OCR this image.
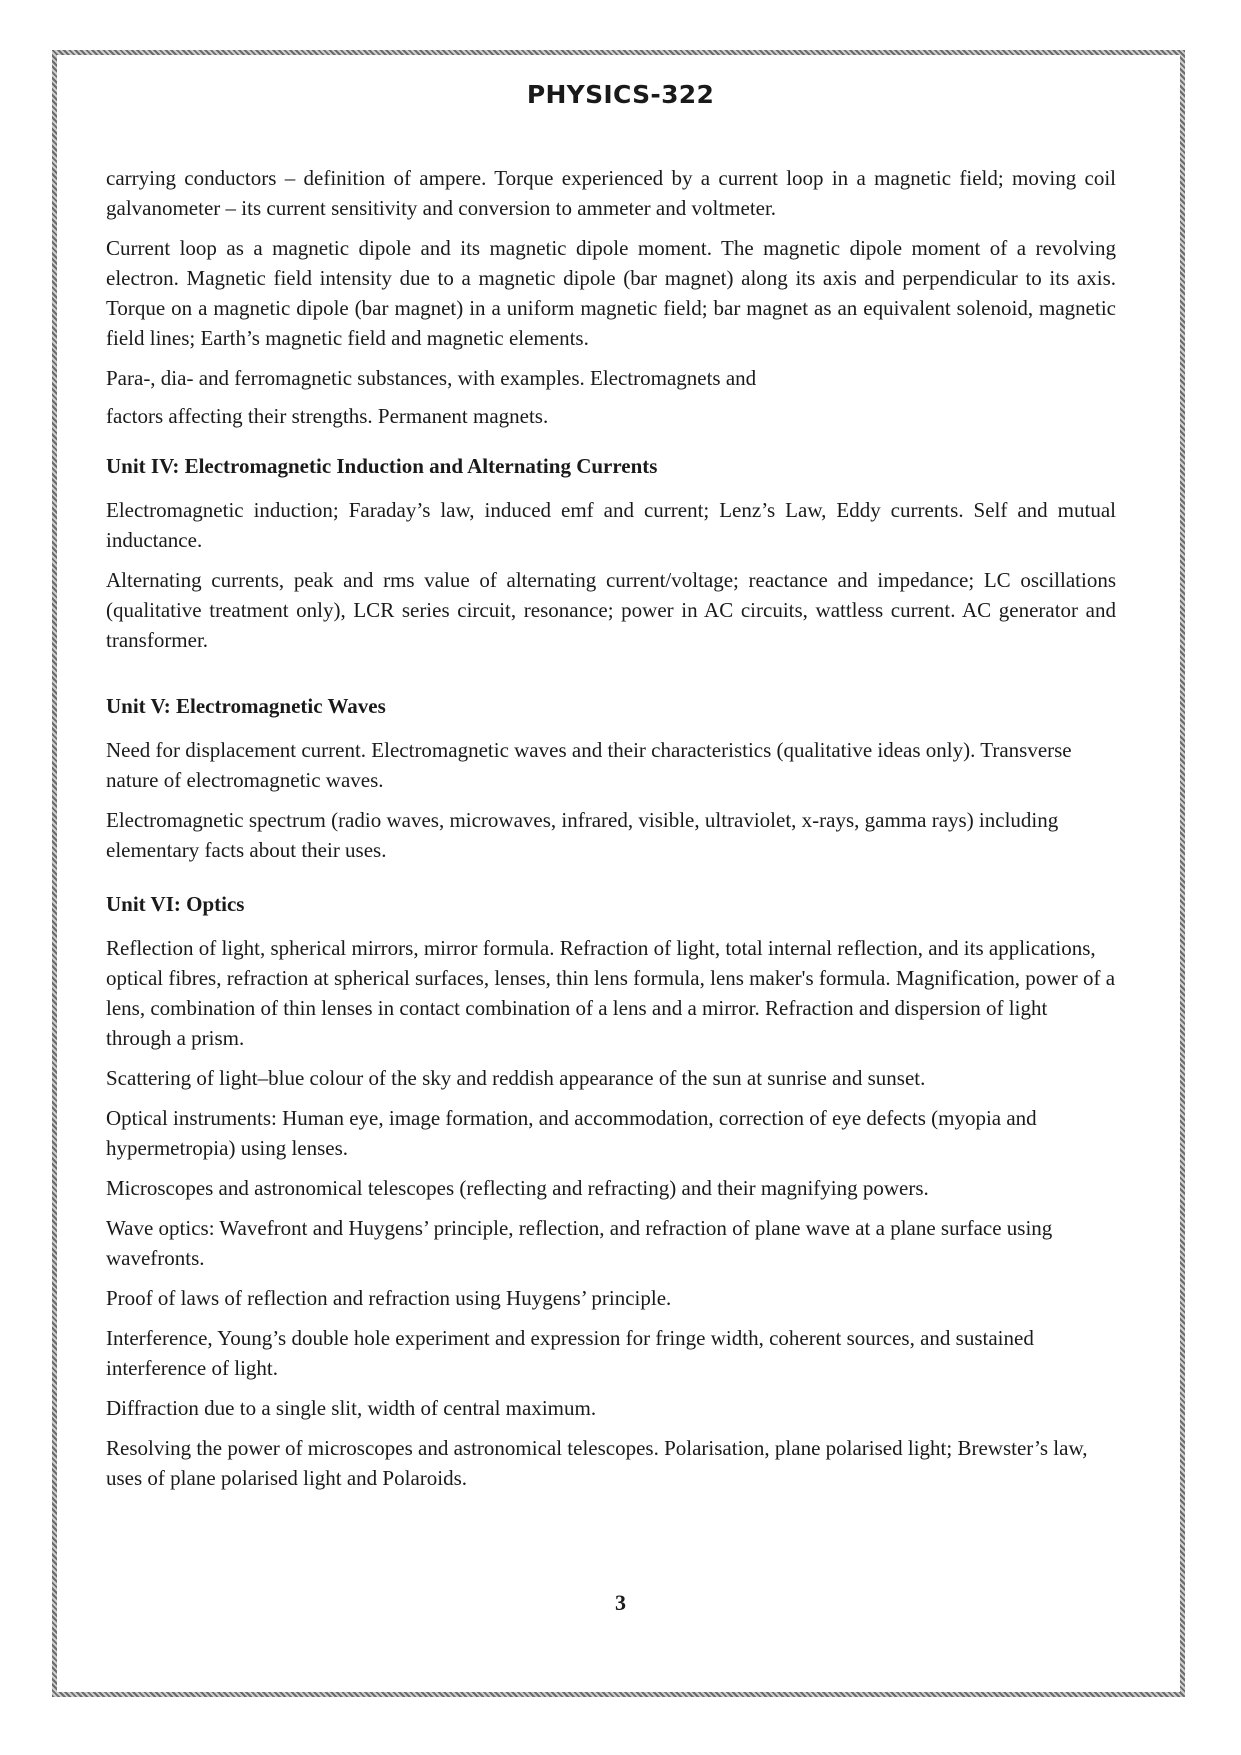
PHYSICS-322

carrying conductors – definition of ampere. Torque experienced by a current loop in a magnetic field; moving coil galvanometer – its current sensitivity and conversion to ammeter and voltmeter.

Current loop as a magnetic dipole and its magnetic dipole moment. The magnetic dipole moment of a revolving electron. Magnetic field intensity due to a magnetic dipole (bar magnet) along its axis and perpendicular to its axis. Torque on a magnetic dipole (bar magnet) in a uniform magnetic field; bar magnet as an equivalent solenoid, magnetic field lines; Earth’s magnetic field and magnetic elements.

Para-, dia- and ferromagnetic substances, with examples. Electromagnets and

factors affecting their strengths. Permanent magnets.

Unit IV: Electromagnetic Induction and Alternating Currents

Electromagnetic induction; Faraday’s law, induced emf and current; Lenz’s Law, Eddy currents. Self and mutual inductance.

Alternating currents, peak and rms value of alternating current/voltage; reactance and impedance; LC oscillations (qualitative treatment only), LCR series circuit, resonance; power in AC circuits, wattless current. AC generator and transformer.

Unit V: Electromagnetic Waves

Need for displacement current. Electromagnetic waves and their characteristics (qualitative ideas only). Transverse nature of electromagnetic waves.

Electromagnetic spectrum (radio waves, microwaves, infrared, visible, ultraviolet, x-rays, gamma rays) including elementary facts about their uses.

Unit VI: Optics

Reflection of light, spherical mirrors, mirror formula. Refraction of light, total internal reflection, and its applications, optical fibres, refraction at spherical surfaces, lenses, thin lens formula, lens maker's formula. Magnification, power of a lens, combination of thin lenses in contact combination of a lens and a mirror. Refraction and dispersion of light through a prism.

Scattering of light–blue colour of the sky and reddish appearance of the sun at sunrise and sunset.

Optical instruments: Human eye, image formation, and accommodation, correction of eye defects (myopia and hypermetropia) using lenses.

Microscopes and astronomical telescopes (reflecting and refracting) and their magnifying powers.

Wave optics: Wavefront and Huygens’ principle, reflection, and refraction of plane wave at a plane surface using wavefronts.

Proof of laws of reflection and refraction using Huygens’ principle.

Interference, Young’s double hole experiment and expression for fringe width, coherent sources, and sustained interference of light.

Diffraction due to a single slit, width of central maximum.

Resolving the power of microscopes and astronomical telescopes. Polarisation, plane polarised light; Brewster’s law, uses of plane polarised light and Polaroids.

3
